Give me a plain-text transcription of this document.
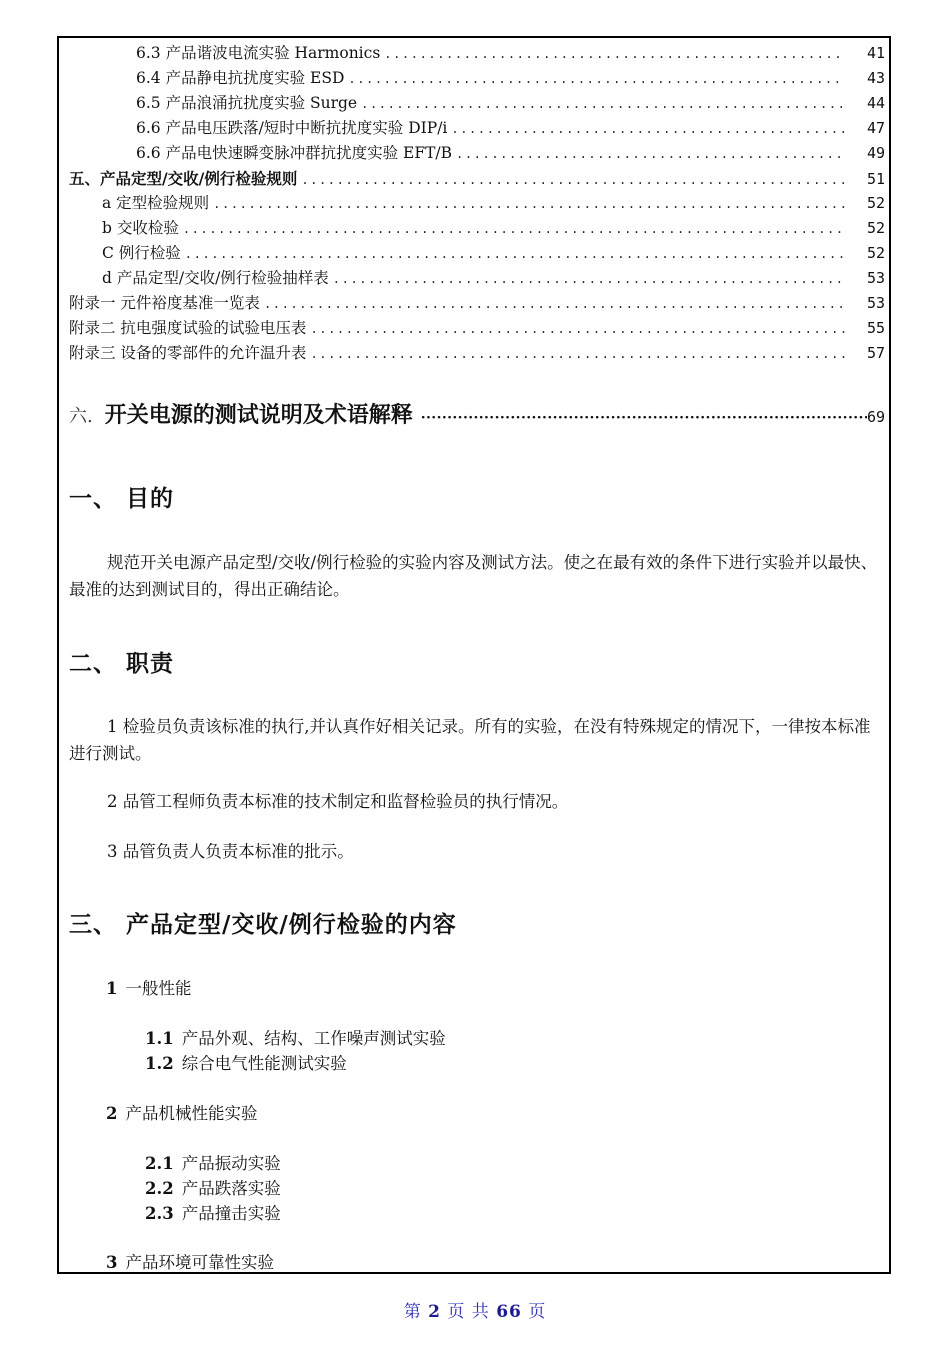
6.3 产品谐波电流实验 Harmonics .....	41
6.4 产品静电抗扰度实验 ESD .....	43
6.5 产品浪涌抗扰度实验 Surge .....	44
6.6 产品电压跌落/短时中断抗扰度实验 DIP/i .....	47
6.6 产品电快速瞬变脉冲群抗扰度实验 EFT/B .....	49
五、产品定型/交收/例行检验规则 .....	51
a 定型检验规则 .....	52
b 交收检验 .....	52
C 例行检验 .....	52
d 产品定型/交收/例行检验抽样表 .....	53
附录一 元件裕度基准一览表 .....	53
附录二 抗电强度试验的试验电压表 .....	55
附录三 设备的零部件的允许温升表 .....	57
六. 开关电源的测试说明及术语解释 ·····	69
一、 目的

规范开关电源产品定型/交收/例行检验的实验内容及测试方法。使之在最有效的条件下进行实验并以最快、最准的达到测试目的，得出正确结论。

二、 职责

1 检验员负责该标准的执行,并认真作好相关记录。所有的实验，在没有特殊规定的情况下，一律按本标准进行测试。

2 品管工程师负责本标准的技术制定和监督检验员的执行情况。

3 品管负责人负责本标准的批示。

三、 产品定型/交收/例行检验的内容
1 一般性能
1.1 产品外观、结构、工作噪声测试实验
1.2 综合电气性能测试实验
2 产品机械性能实验
2.1 产品振动实验
2.2 产品跌落实验
2.3 产品撞击实验
3 产品环境可靠性实验
第 2 页 共 66 页
